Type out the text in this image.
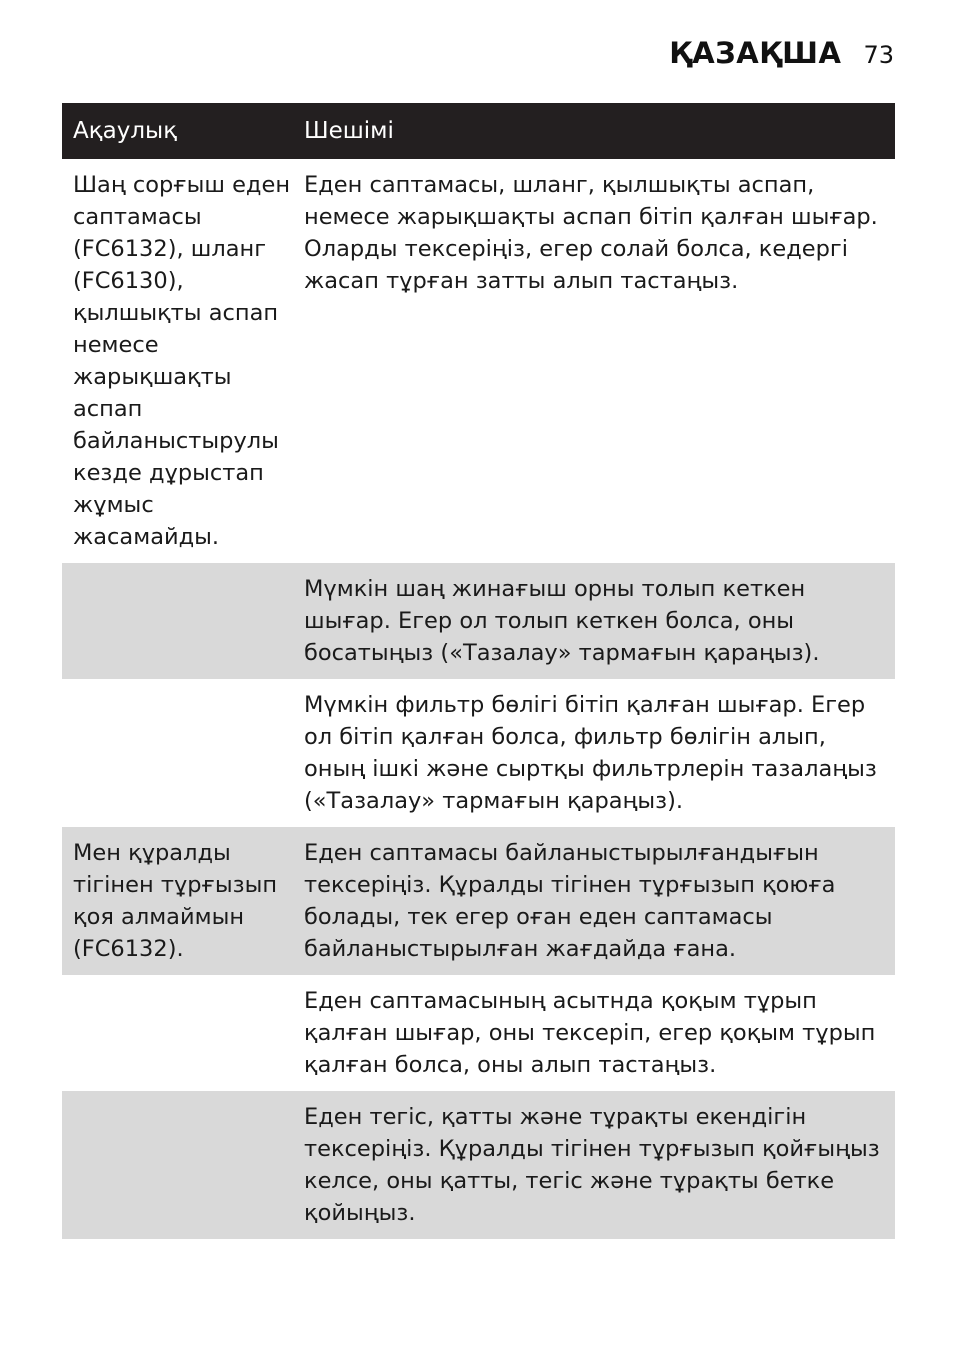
ҚАЗАҚША 73
Ақаулық	Шешімі
Шаң сорғыш еден саптамасы (FC6132), шланг (FC6130), қылшықты аспап немесе жарықшақты аспап байланыстырулы кезде дұрыстап жұмыс жасамайды.
Еден саптамасы, шланг, қылшықты аспап, немесе жарықшақты аспап бітіп қалған шығар. Оларды тексеріңіз, егер солай болса, кедергі жасап тұрған затты алып тастаңыз.
Мүмкін шаң жинағыш орны толып кеткен шығар. Егер ол толып кеткен болса, оны босатыңыз («Тазалау» тармағын қараңыз).
Мүмкін фильтр бөлігі бітіп қалған шығар. Егер ол бітіп қалған болса, фильтр бөлігін алып, оның ішкі және сыртқы фильтрлерін тазалаңыз («Тазалау» тармағын қараңыз).
Мен құралды тігінен тұрғызып қоя алмаймын (FC6132).
Еден саптамасы байланыстырылғандығын тексеріңіз. Құралды тігінен тұрғызып қоюға болады, тек егер оған еден саптамасы байланыстырылған жағдайда ғана.
Еден саптамасының асытнда қоқым тұрып қалған шығар, оны тексеріп, егер қоқым тұрып қалған болса, оны алып тастаңыз.
Еден тегіс, қатты және тұрақты екендігін тексеріңіз. Құралды тігінен тұрғызып қойғыңыз келсе, оны қатты, тегіс және тұрақты бетке қойыңыз.
